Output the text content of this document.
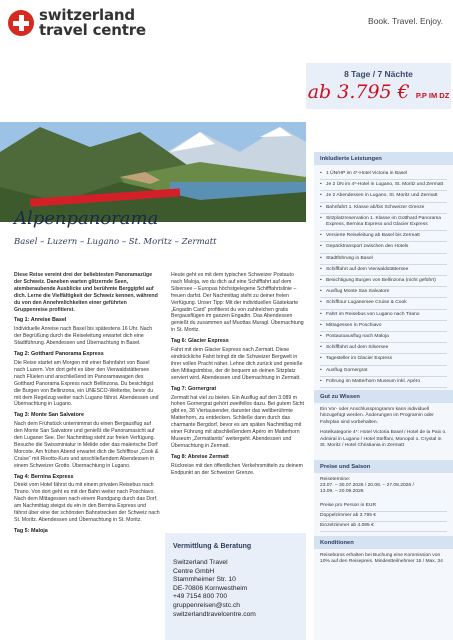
switzerland
travel centre	Book. Travel. Enjoy.
8 Tage / 7 Nächte
ab 3.795 € P.P IM DZ
Alpenpanorama
Basel – Luzern – Lugano – St. Moritz – Zermatt

Diese Reise vereint drei der beliebtesten Panoramazüge der Schweiz. Daneben warten glitzernde Seen, atemberaubende Ausblicke und berühmte Berggipfel auf dich. Lerne die Vielfältigkeit der Schweiz kennen, während du von den Annehmlichkeiten einer geführten Gruppenreise profitierst.

Tag 1: Anreise Basel

Individuelle Anreise nach Basel bis spätestens 16 Uhr. Nach der Begrüßung durch die Reiseleitung erwartet dich eine Stadtführung. Abendessen und Übernachtung in Basel.

Tag 2: Gotthard Panorama Express

Die Reise startet am Morgen mit einer Bahnfahrt von Basel nach Luzern. Von dort geht es über den Vierwaldstättersee nach Flüelen und anschließend im Panoramawagen des Gotthard Panorama Express nach Bellinzona. Du besichtigst die Burgen von Bellinzona, ein UNESCO-Welterbe, bevor du mit dem Regelzug weiter nach Lugano fährst. Abendessen und Übernachtung in Lugano.

Tag 3: Monte San Salvatore

Nach dem Frühstück unternimmst du einen Bergausflug auf den Monte San Salvatore und genießt die Panoramasicht auf den Luganer See. Der Nachmittag steht zur freien Verfügung. Besuche die Swissminiatur in Melide oder das malerische Dorf Morcote. Am frühen Abend erwartet dich die Schifftour „Cook & Cruise“ mit Risotto-Kurs und anschließendem Abendessen in einem Schweizer Grotto. Übernachtung in Lugano.

Tag 4: Bernina Express

Direkt vom Hotel fährst du mit einem privaten Reisebus nach Tirano. Von dort geht es mit der Bahn weiter nach Poschiavo. Nach dem Mittagessen nach einem Rundgang durch das Dorf, am Nachmittag steigst du ein in den Bernina Express und fährst über eine der schönsten Bahnstrecken der Schweiz nach St. Moritz. Abendessen und Übernachtung in St. Moritz.

Tag 5: Maloja

Heute geht es mit dem typischen Schweizer Postauto nach Maloja, wo du dich auf eine Schifffahrt auf dem Silsersee – Europas höchstgelegene Schifffahrtslinie – freuen darfst. Der Nachmittag steht zu deiner freien Verfügung. Unser Tipp: Mit der individuellen Gästekarte „Engadin Card“ profitierst du von zahlreichen gratis Bergausflügen im ganzen Engadin. Das Abendessen genießt du zusammen auf Muottas Muragl. Übernachtung in St. Moritz.

Tag 6: Glacier Express

Fahrt mit dem Glacier Express nach Zermatt. Diese eindrückliche Fahrt bringt dir die Schweizer Bergwelt in ihrer vollen Pracht näher. Lehne dich zurück und genieße den Mittagsimbiss, der dir bequem an deinen Sitzplatz serviert wird. Abendessen und Übernachtung in Zermatt.

Tag 7: Gornergrat

Zermatt hat viel zu bieten. Ein Ausflug auf den 3.089 m hohen Gornergrat gehört zweifellos dazu. Bei gutem Sicht gibt es, 38 Viertausender, darunter das weltberühmte Matterhorn, zu entdecken. Schließe dann durch das charmante Bergdorf, bevor es am späten Nachmittag mit einer Führung mit abschließendem Apéro im Matterhorn Museum „Zermatlantis“ weitergeht. Abendessen und Übernachtung in Zermatt.

Tag 8: Abreise Zermatt

Rückreise mit den öffentlichen Verkehrsmitteln zu deinem Endpunkt an der Schweizer Grenze.

Vermittlung & Beratung
Switzerland Travel
Centre GmbH
Stammheimer Str. 10
DE-70806 Kornwestheim
+49 7154 800 700
gruppenreisen@stc.ch
switzerlandtravelcentre.com
Inkludierte Leistungen
• 1 ÜN/HP im 4*-Hotel Victoria in Basel
• Je 2 ÜN im 4*-Hotel in Lugano, St. Moritz und Zermatt
• Je 2 Abendessen in Lugano, St. Moritz und Zermatt
• Bahnfahrt 1. Klasse ab/bis Schweizer Grenze
• Sitzplatzreservation 1. Klasse im Gotthard Panorama Express, Bernina Express und Glacier Express
• Versierte Reiseleitung ab Basel bis Zermatt
• Gepäcktransport zwischen den Hotels
• Stadtführung in Basel
• Schifffahrt auf dem Vierwaldstättersee
• Besichtigung Burgen von Bellinzona (nicht geführt)
• Ausflug Monte San Salvatore
• Schifftour Luganersee Cruise & Cook
• Fahrt im Reisebus von Lugano nach Tirano
• Mittagessen in Poschiavo
• Postautoausflug nach Maloja
• Schifffahrt auf dem Silsersee
• Tagesteller im Glacier Express
• Ausflug Gornergrat
• Führung im Matterhorn Museum inkl. Apéro
Gut zu Wissen

Ein Vor- oder Anschlussprogramm kann individuell hinzugefügt werden. Änderungen im Programm oder Fahrplan sind vorbehalten.

Hotelkategorie 4*: Hotel Victoria Basel / Hotel de la Paix o. Admiral in Lugano / Hotel Steffani, Monopol o. Crystal in St. Moritz / Hotel Christiania in Zermatt

Preise und Saison
Reisetermine:
23.07. – 30.07.2026 / 20.08. – 27.08.2026 /
13.09. – 20.09.2026
Preise pro Person in EUR
Doppelzimmer ab 3.795 €
Einzelzimmer ab 4.095 €
Konditionen
Reisebüros erhalten bei Buchung eine Kommission von 10% auf den Reisepreis. Mindestteilnehmer 15 / Max. 34
